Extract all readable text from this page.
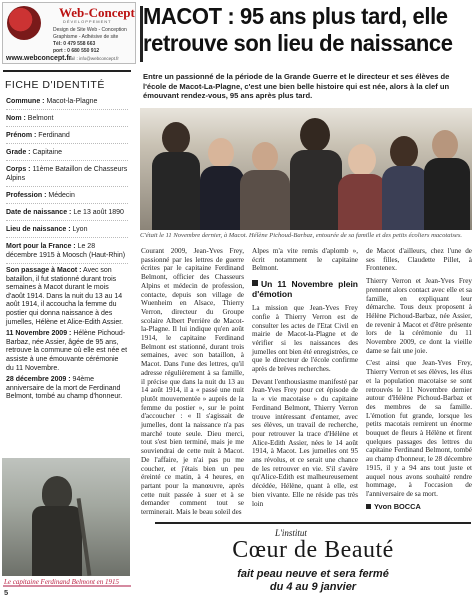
Web-Concept
DÉVELOPPEMENT
Design de Site Web - Conception
Graphisme - Adhésive de site
Tél: 0 479 558 663
port : 0 680 550 912
www.webconcept.fr
mail : info@webconcept.fr
FICHE D'IDENTITÉ
Commune : Macot-la-Plagne
Nom : Belmont
Prénom : Ferdinand
Grade : Capitaine
Corps : 11ème Bataillon de Chasseurs Alpins
Profession : Médecin
Date de naissance : Le 13 août 1890
Lieu de naissance : Lyon
Mort pour la France : Le 28 décembre 1915 à Moosch (Haut-Rhin)
Son passage à Macot : Avec son bataillon, il fut stationné durant trois semaines à Macot durant le mois d'août 1914. Dans la nuit du 13 au 14 août 1914, il accoucha la femme du postier qui donna naissance à des jumelles, Hélène et Alice-Edith Assier.
11 Novembre 2009 : Hélène Pichoud-Barbaz, née Assier, âgée de 95 ans, retrouve la commune où elle est née et assiste à une émouvante cérémonie du 11 Novembre.
28 décembre 2009 : 94ème anniversaire de la mort de Ferdinand Belmont, tombé au champ d'honneur.
Le capitaine Ferdinand Belmont en 1915
5
MACOT : 95 ans plus tard, elle retrouve son lieu de naissance
Entre un passionné de la période de la Grande Guerre et le directeur et ses élèves de l'école de Macot-La-Plagne, c'est une bien belle histoire qui est née, alors à la clef un émouvant rendez-vous, 95 ans après plus tard.
C'était le 11 Novembre dernier, à Macot. Hélène Pichoud-Barbaz, entourée de sa famille et des petits écoliers macotaises.

Courant 2009, Jean-Yves Frey, passionné par les lettres de guerre écrites par le capitaine Ferdinand Belmont, officier des Chasseurs Alpins et médecin de profession, contacte, depuis son village de Wuenheim en Alsace, Thierry Verron, directeur du Groupe scolaire Albert Perrière de Macot-la-Plagne. Il lui indique qu'en août 1914, le capitaine Ferdinand Belmont est stationné, durant trois semaines, avec son bataillon, à Macot. Dans l'une des lettres, qu'il adresse régulièrement à sa famille, il précise que dans la nuit du 13 au 14 août 1914, il a « passé une nuit plutôt mouvementée » auprès de la femme du postier », sur le point d'accoucher : « Il s'agissait de jumelles, dont la naissance n'a pas marché toute seule. Dieu merci, tout s'est bien terminé, mais je me souviendrai de cette nuit à Macot. De l'affaire, je n'ai pas pu me coucher, et j'étais bien un peu éreinté ce matin, à 4 heures, en partant pour la manœuvre, après cette nuit passée à suer et à se demander comment tout se terminerait. Mais le beau soleil des

Alpes m'a vite remis d'aplomb », écrit notamment le capitaine Belmont.

Un 11 Novembre plein d'émotion

La mission que Jean-Yves Frey confie à Thierry Verron est de consulter les actes de l'Etat Civil en mairie de Macot-la-Plagne et de vérifier si les naissances des jumelles ont bien été enregistrées, ce que le directeur de l'école confirme après de brèves recherches.

Devant l'enthousiasme manifesté par Jean-Yves Frey pour cet épisode de la « vie macotaise » du capitaine Ferdinand Belmont, Thierry Verron trouve intéressant d'entamer, avec ses élèves, un travail de recherche, pour retrouver la trace d'Hélène et Alice-Edith Assier, nées le 14 août 1914, à Macot. Les jumelles ont 95 ans révolus, et ce serait une chance de les retrouver en vie. S'il s'avère qu'Alice-Edith est malheureusement décédée, Hélène, quant à elle, est bien vivante. Elle ne réside pas très loin

de Macot d'ailleurs, chez l'une de ses filles, Claudette Pillet, à Frontenex.

Thierry Verron et Jean-Yves Frey prennent alors contact avec elle et sa famille, en expliquant leur démarche. Tous deux proposent à Hélène Pichoud-Barbaz, née Assier, de revenir à Macot et d'être présente lors de la cérémonie du 11 Novembre 2009, ce dont la vieille dame se fait une joie.

C'est ainsi que Jean-Yves Frey, Thierry Verron et ses élèves, les élus et la population macotaise se sont retrouvés le 11 Novembre dernier autour d'Hélène Pichoud-Barbaz et des membres de sa famille. L'émotion fut grande, lorsque les petits macotais remirent un énorme bouquet de fleurs à Hélène et firent quelques passages des lettres du capitaine Ferdinand Belmont, tombé au champ d'honneur, le 28 décembre 1915, il y a 94 ans tout juste et auquel nous avons souhaité rendre hommage, à l'occasion de l'anniversaire de sa mort.

Yvon BOCCA
L'institut
Cœur de Beauté
fait peau neuve et sera fermé
du 4 au 9 janvier
